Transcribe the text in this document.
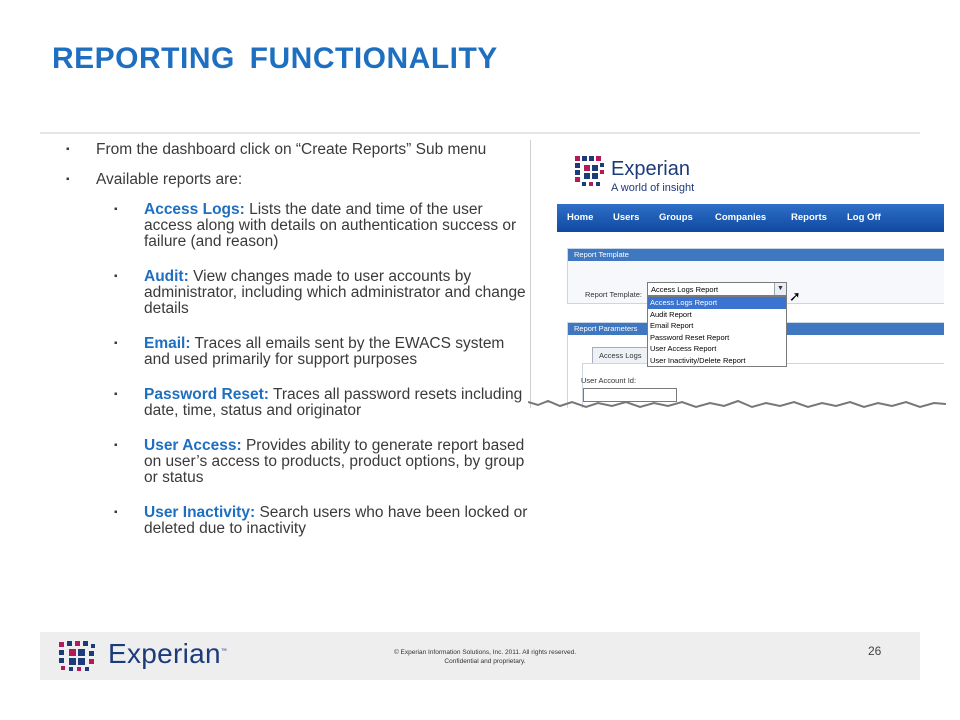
REPORTING FUNCTIONALITY
▪ From the dashboard click on “Create Reports” Sub menu
▪ Available reports are:
▪ Access Logs: Lists the date and time of the user access along with details on authentication success or failure (and reason)
▪ Audit: View changes made to user accounts by administrator, including which administrator and change details
▪ Email: Traces all emails sent by the EWACS system and used primarily for support purposes
▪ Password Reset: Traces all password resets including date, time, status and originator
▪ User Access: Provides ability to generate report based on user’s access to products, product options, by group or status
▪ User Inactivity: Search users who have been locked or deleted due to inactivity
Experian
A world of insight
Home Users Groups Companies	Reports Log Off
Report Template
Report Template:
Access Logs Report	▼ ➚
Access Logs Report
Audit Report
Email Report
Password Reset Report
User Access Report
User Inactivity/Delete Report
Report Parameters
Access Logs
User Account Id:
Experian™	© Experian Information Solutions, Inc. 2011. All rights reserved.
Confidential and proprietary.
26
